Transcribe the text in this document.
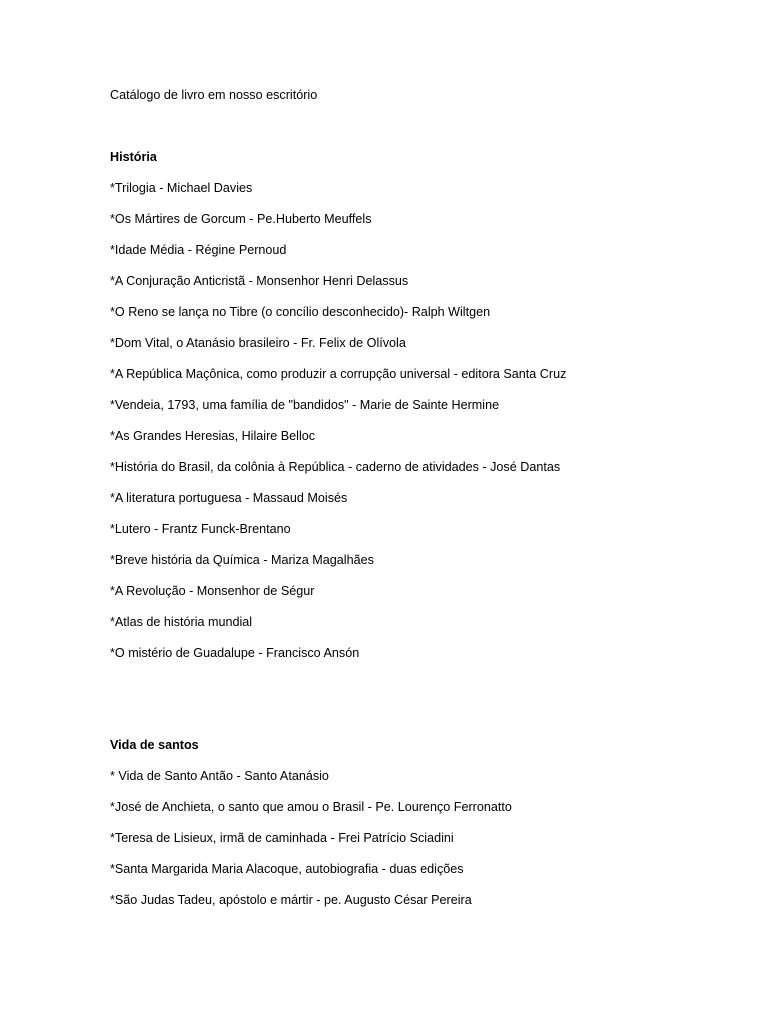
Catálogo de livro em nosso escritório
História
*Trilogia - Michael Davies
*Os Mártires de Gorcum - Pe.Huberto Meuffels
*Idade Média - Régine Pernoud
*A Conjuração Anticristã - Monsenhor Henri Delassus
*O Reno se lança no Tibre (o concílio desconhecido)- Ralph Wiltgen
*Dom Vital, o Atanásio brasileiro - Fr. Felix de Olívola
*A República Maçônica, como produzir a corrupção universal - editora Santa Cruz
*Vendeia, 1793, uma família de "bandidos" - Marie de Sainte Hermine
*As Grandes Heresias, Hilaire Belloc
*História do Brasil, da colônia à República - caderno de atividades - José Dantas
*A literatura portuguesa - Massaud Moisés
*Lutero - Frantz Funck-Brentano
*Breve história da Química - Mariza Magalhães
*A Revolução - Monsenhor de Ségur
*Atlas de história mundial
*O mistério de Guadalupe - Francisco Ansón
Vida de santos
* Vida de Santo Antão - Santo Atanásio
*José de Anchieta, o santo que amou o Brasil - Pe. Lourenço Ferronatto
*Teresa de Lisieux, irmã de caminhada - Frei Patrício Sciadini
*Santa Margarida Maria Alacoque, autobiografia - duas edições
*São Judas Tadeu, apóstolo e mártir - pe. Augusto César Pereira
